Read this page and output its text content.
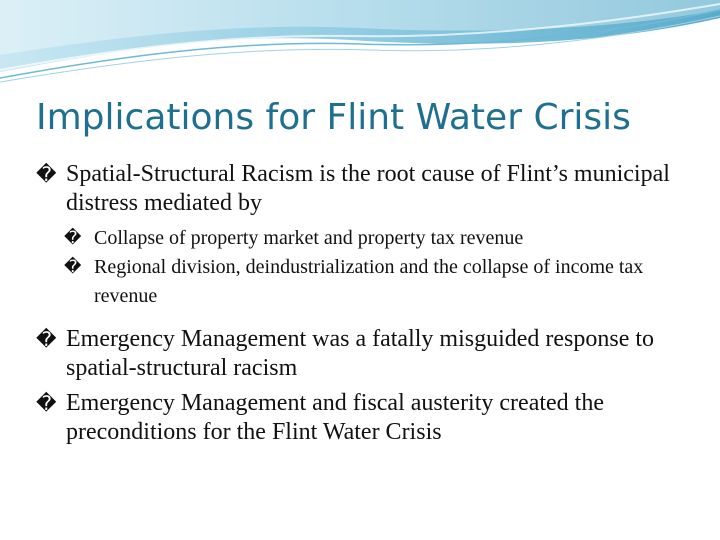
Implications for Flint Water Crisis
� Spatial-Structural Racism is the root cause of Flint’s municipal distress mediated by
� Collapse of property market and property tax revenue
� Regional division, deindustrialization and the collapse of income tax revenue
� Emergency Management was a fatally misguided response to spatial-structural racism
� Emergency Management and fiscal austerity created the preconditions for the Flint Water Crisis
